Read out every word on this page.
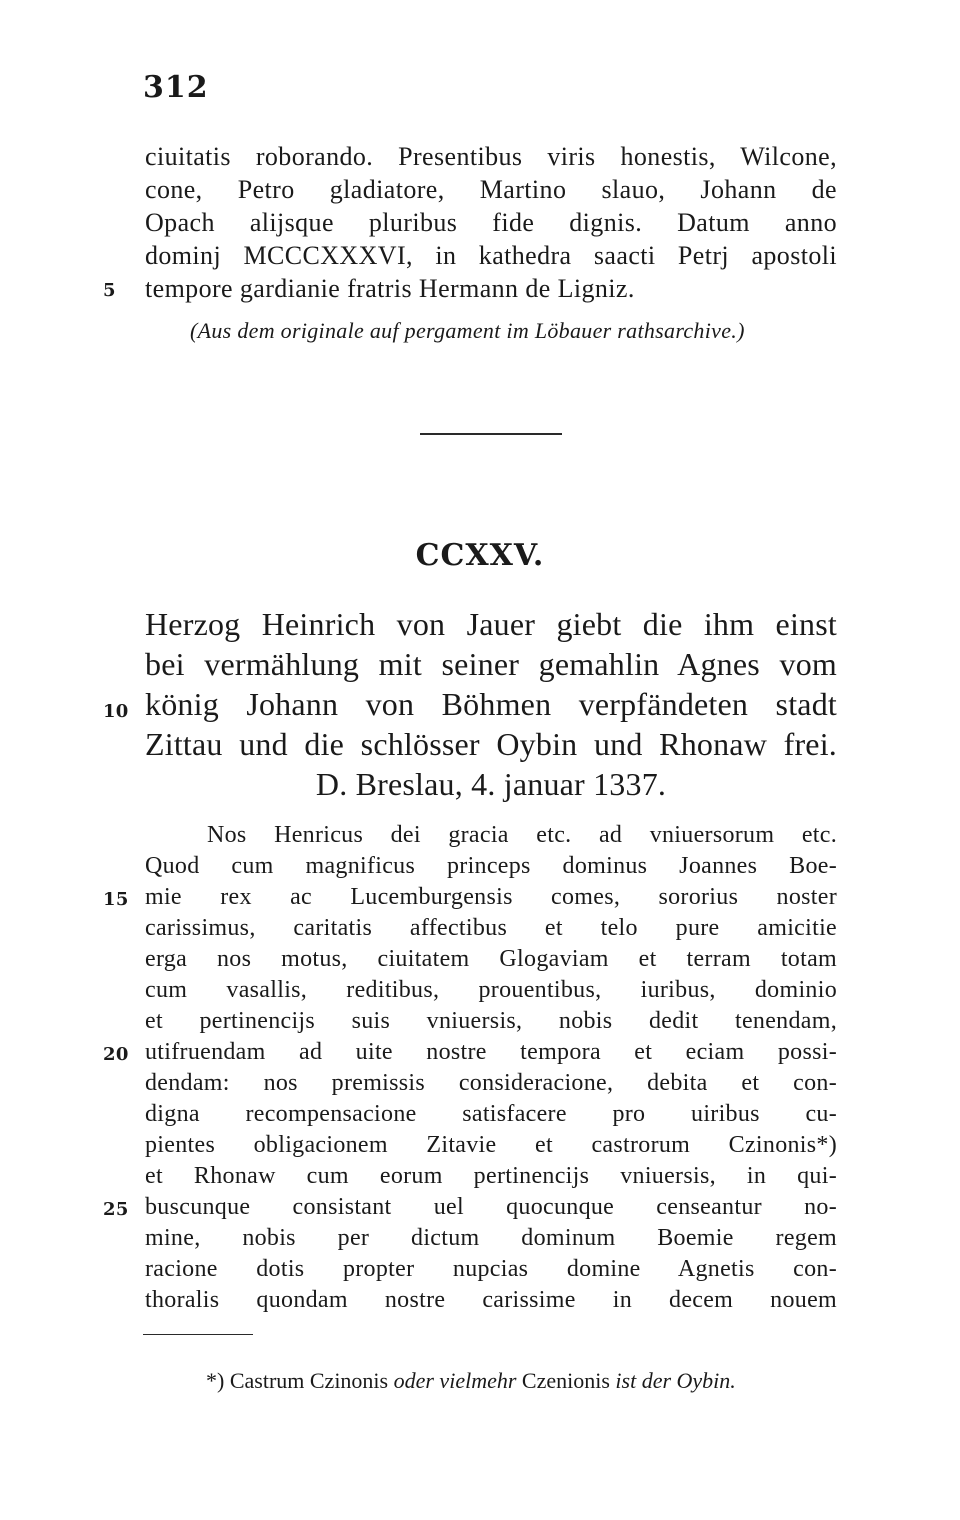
312
ciuitatis roborando. Presentibus viris honestis, Wilcone,
cone, Petro gladiatore, Martino slauo, Johann de
Opach alijsque pluribus fide dignis. Datum anno
dominj MCCCXXXVI, in kathedra saacti Petrj apostoli
5	tempore gardianie fratris Hermann de Ligniz.
(Aus dem originale auf pergament im Löbauer rathsarchive.)
CCXXV.
Herzog Heinrich von Jauer giebt die ihm einst
bei vermählung mit seiner gemahlin Agnes vom
10 könig Johann von Böhmen verpfändeten stadt
Zittau und die schlösser Oybin und Rhonaw frei.
D. Breslau, 4. januar 1337.
Nos Henricus dei gracia etc. ad vniuersorum etc.
Quod cum magnificus princeps dominus Joannes Boe-
15 mie rex ac Lucemburgensis comes, sororius noster
carissimus, caritatis affectibus et telo pure amicitie
erga nos motus, ciuitatem Glogaviam et terram totam
cum vasallis, reditibus, prouentibus, iuribus, dominio
et pertinencijs suis vniuersis, nobis dedit tenendam,
20 utifruendam ad uite nostre tempora et eciam possi-
dendam: nos premissis consideracione, debita et con-
digna recompensacione satisfacere pro uiribus cu-
pientes obligacionem Zitavie et castrorum Czinonis*)
et Rhonaw cum eorum pertinencijs vniuersis, in qui-
25 buscunque consistant uel quocunque censeantur no-
mine, nobis per dictum dominum Boemie regem
racione dotis propter nupcias domine Agnetis con-
thoralis quondam nostre carissime in decem nouem
*) Castrum Czinonis oder vielmehr Czenionis ist der Oybin.
